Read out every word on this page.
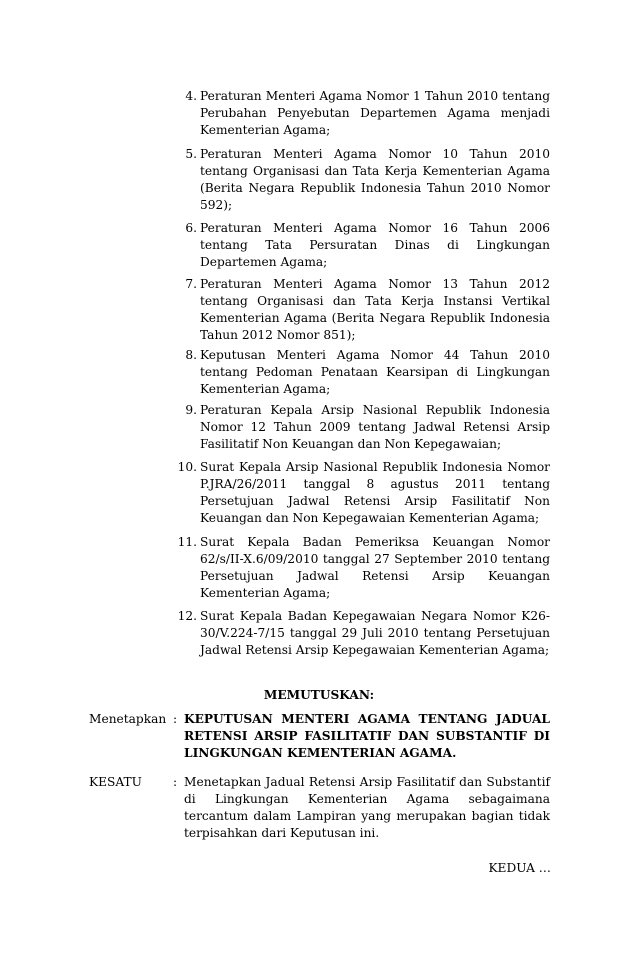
4. Peraturan Menteri Agama Nomor 1 Tahun 2010 tentang Perubahan Penyebutan Departemen Agama menjadi Kementerian Agama;
5. Peraturan Menteri Agama Nomor 10 Tahun 2010 tentang Organisasi dan Tata Kerja Kementerian Agama (Berita Negara Republik Indonesia Tahun 2010 Nomor 592);
6. Peraturan Menteri Agama Nomor 16 Tahun 2006 tentang Tata Persuratan Dinas di Lingkungan Departemen Agama;
7. Peraturan Menteri Agama Nomor 13 Tahun 2012 tentang Organisasi dan Tata Kerja Instansi Vertikal Kementerian Agama (Berita Negara Republik Indonesia Tahun 2012 Nomor 851);
8. Keputusan Menteri Agama Nomor 44 Tahun 2010 tentang Pedoman Penataan Kearsipan di Lingkungan Kementerian Agama;
9. Peraturan Kepala Arsip Nasional Republik Indonesia Nomor 12 Tahun 2009 tentang Jadwal Retensi Arsip Fasilitatif Non Keuangan dan Non Kepegawaian;
10. Surat Kepala Arsip Nasional Republik Indonesia Nomor P.JRA/26/2011 tanggal 8 agustus 2011 tentang Persetujuan Jadwal Retensi Arsip Fasilitatif Non Keuangan dan Non Kepegawaian Kementerian Agama;
11. Surat Kepala Badan Pemeriksa Keuangan Nomor 62/s/II-X.6/09/2010 tanggal 27 September 2010 tentang Persetujuan Jadwal Retensi Arsip Keuangan Kementerian Agama;
12. Surat Kepala Badan Kepegawaian Negara Nomor K26-30/V.224-7/15 tanggal 29 Juli 2010 tentang Persetujuan Jadwal Retensi Arsip Kepegawaian Kementerian Agama;
MEMUTUSKAN:
Menetapkan : KEPUTUSAN MENTERI AGAMA TENTANG JADUAL RETENSI ARSIP FASILITATIF DAN SUBSTANTIF DI LINGKUNGAN KEMENTERIAN AGAMA.
KESATU	: Menetapkan Jadual Retensi Arsip Fasilitatif dan Substantif di Lingkungan Kementerian Agama sebagaimana tercantum dalam Lampiran yang merupakan bagian tidak terpisahkan dari Keputusan ini.
KEDUA …
